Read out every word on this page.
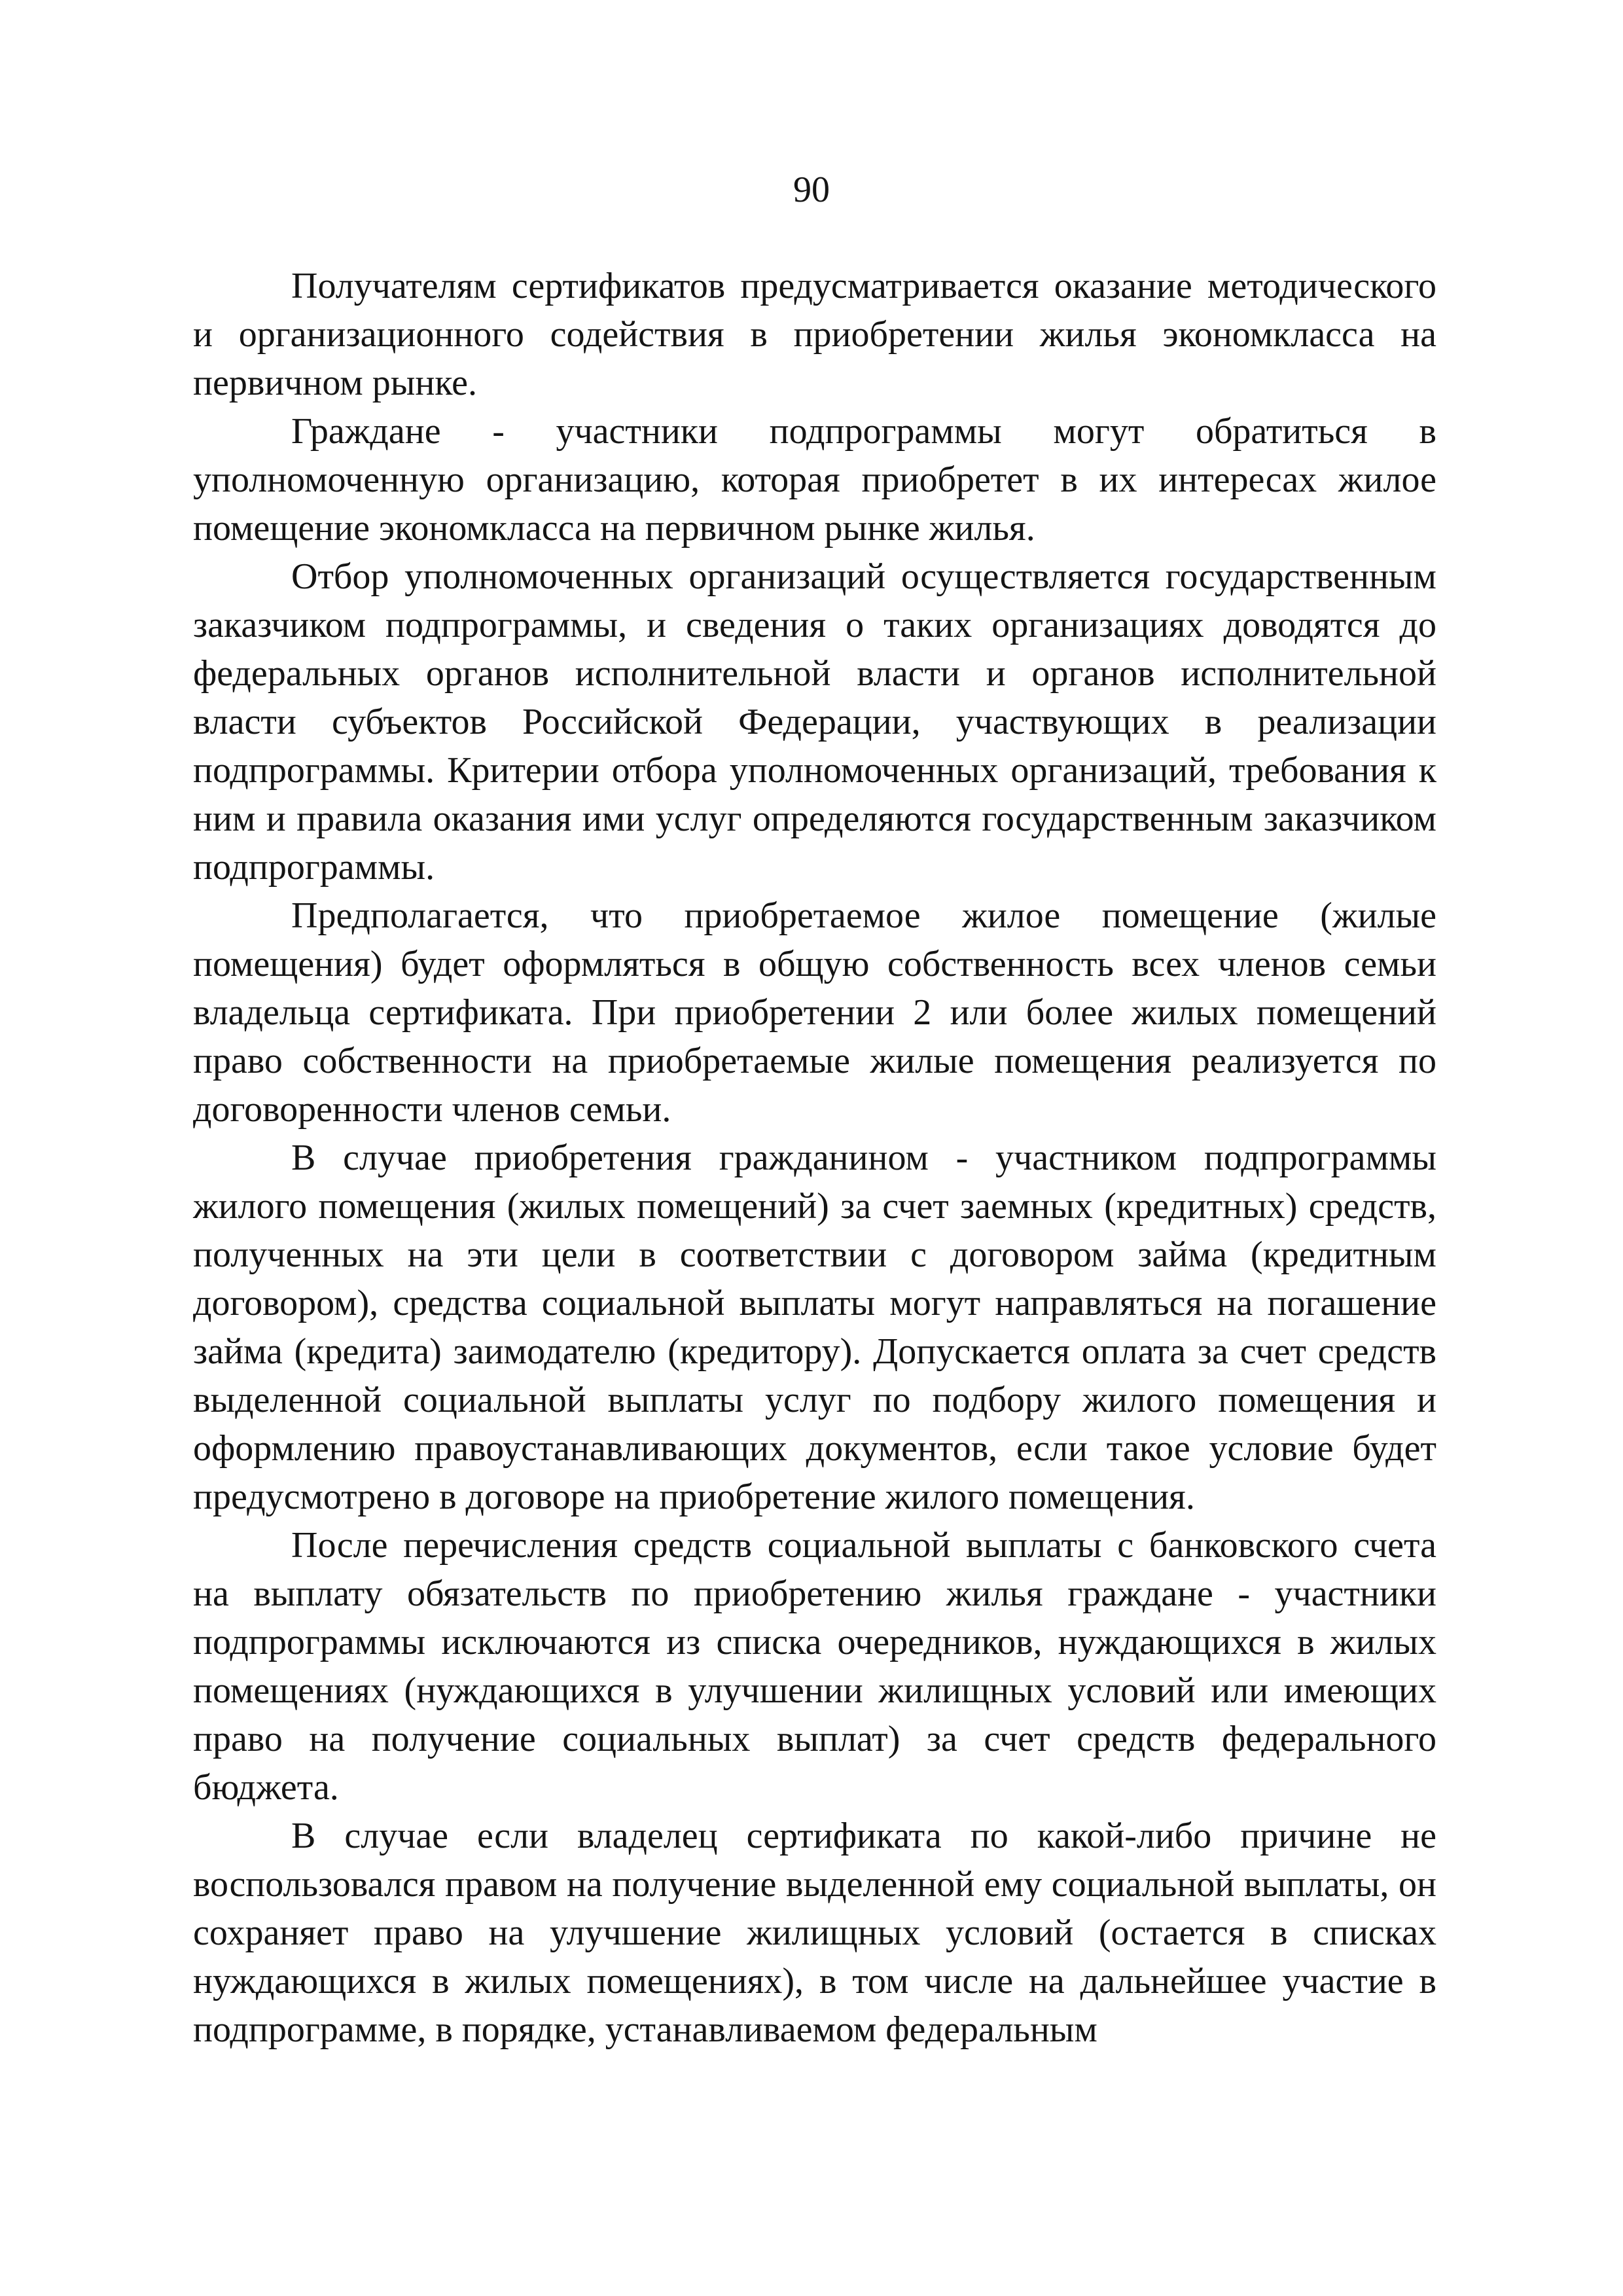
90

Получателям сертификатов предусматривается оказание методического и организационного содействия в приобретении жилья экономкласса на первичном рынке.

Граждане - участники подпрограммы могут обратиться в уполномоченную организацию, которая приобретет в их интересах жилое помещение экономкласса на первичном рынке жилья.

Отбор уполномоченных организаций осуществляется государственным заказчиком подпрограммы, и сведения о таких организациях доводятся до федеральных органов исполнительной власти и органов исполнительной власти субъектов Российской Федерации, участвующих в реализации подпрограммы. Критерии отбора уполномоченных организаций, требования к ним и правила оказания ими услуг определяются государственным заказчиком подпрограммы.

Предполагается, что приобретаемое жилое помещение (жилые помещения) будет оформляться в общую собственность всех членов семьи владельца сертификата. При приобретении 2 или более жилых помещений право собственности на приобретаемые жилые помещения реализуется по договоренности членов семьи.

В случае приобретения гражданином - участником подпрограммы жилого помещения (жилых помещений) за счет заемных (кредитных) средств, полученных на эти цели в соответствии с договором займа (кредитным договором), средства социальной выплаты могут направляться на погашение займа (кредита) заимодателю (кредитору). Допускается оплата за счет средств выделенной социальной выплаты услуг по подбору жилого помещения и оформлению правоустанавливающих документов, если такое условие будет предусмотрено в договоре на приобретение жилого помещения.

После перечисления средств социальной выплаты с банковского счета на выплату обязательств по приобретению жилья граждане - участники подпрограммы исключаются из списка очередников, нуждающихся в жилых помещениях (нуждающихся в улучшении жилищных условий или имеющих право на получение социальных выплат) за счет средств федерального бюджета.

В случае если владелец сертификата по какой-либо причине не воспользовался правом на получение выделенной ему социальной выплаты, он сохраняет право на улучшение жилищных условий (остается в списках нуждающихся в жилых помещениях), в том числе на дальнейшее участие в подпрограмме, в порядке, устанавливаемом федеральным
